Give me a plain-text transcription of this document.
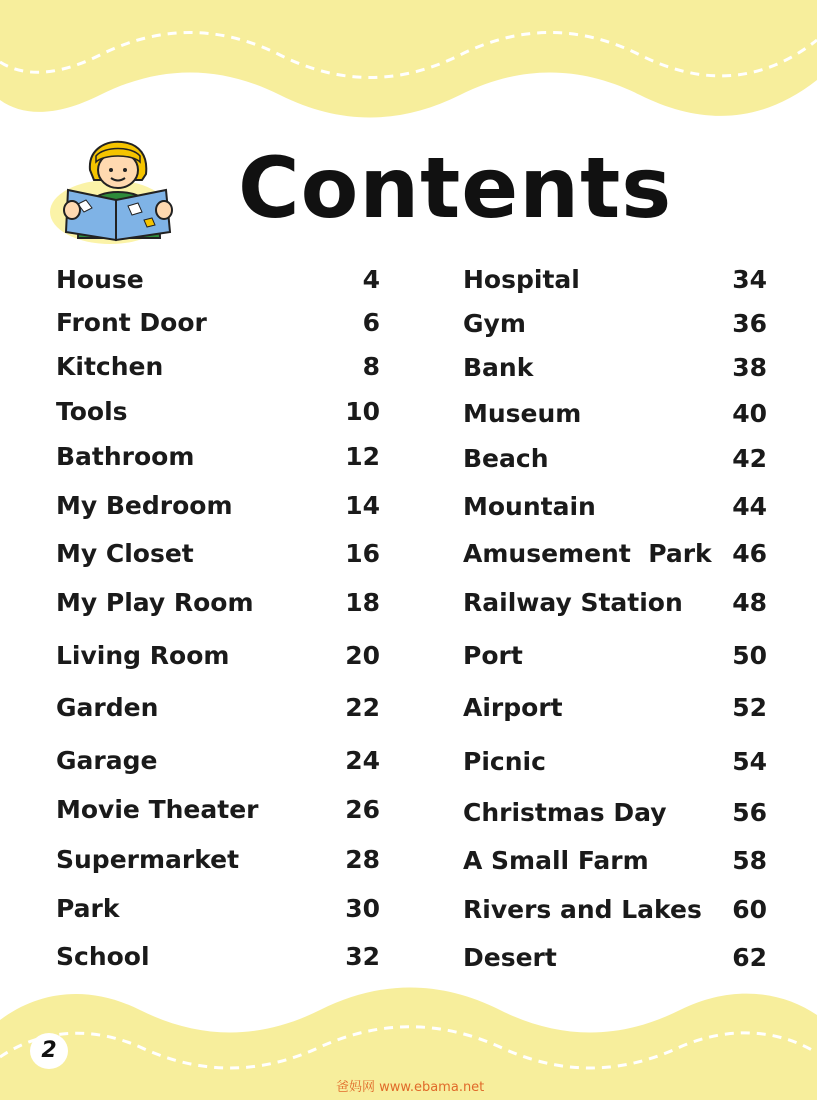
Contents
House	4
Front Door	6
Kitchen	8
Tools	10
Bathroom	12
My Bedroom	14
My Closet	16
My Play Room	18
Living Room	20
Garden	22
Garage	24
Movie Theater	26
Supermarket	28
Park	30
School	32
Hospital	34
Gym	36
Bank	38
Museum	40
Beach	42
Mountain	44
Amusement  Park 46
Railway Station 48
Port	50
Airport	52
Picnic	54
Christmas Day	56
A Small Farm	58
Rivers and Lakes 60
Desert	62
2
爸妈网 www.ebama.net
